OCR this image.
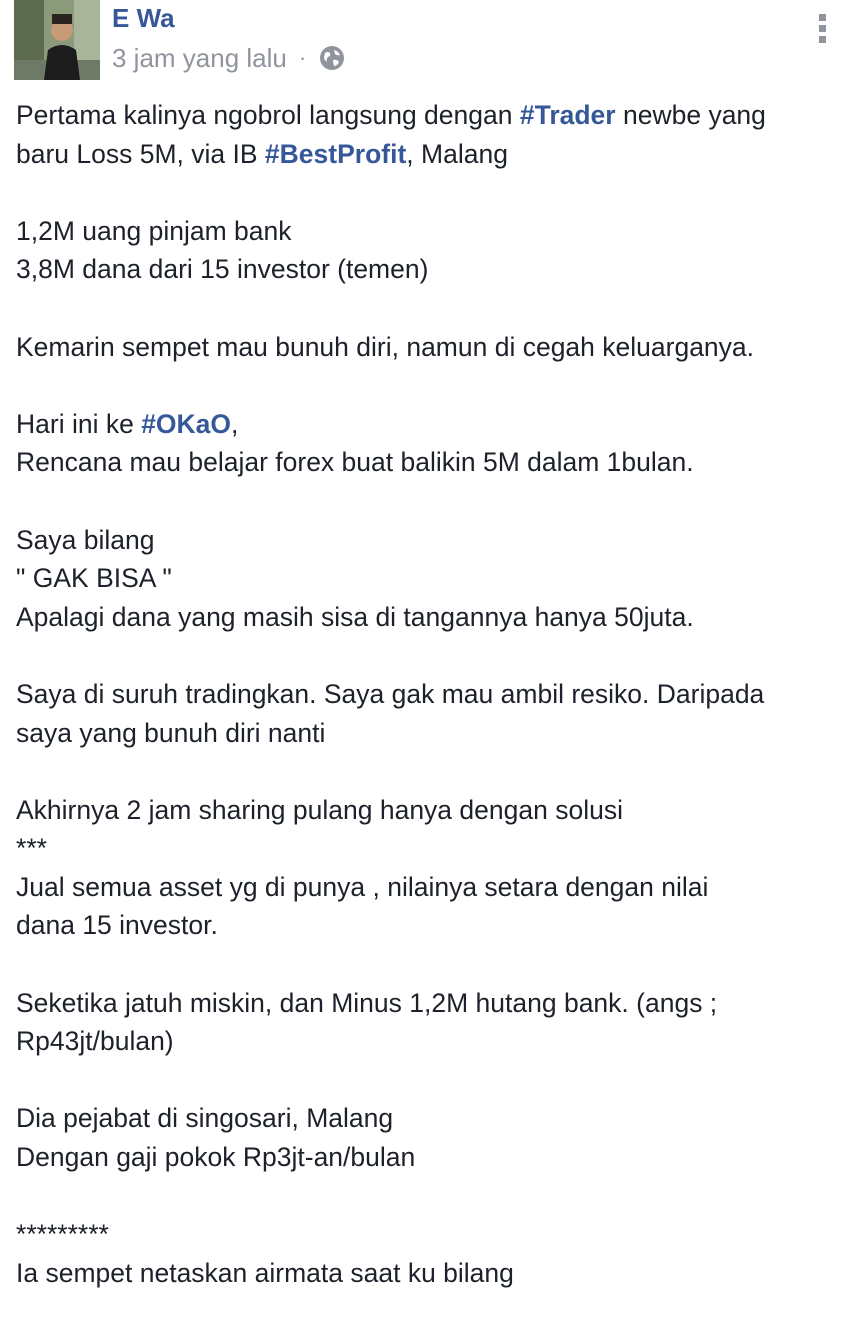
E Wa
3 jam yang lalu ·
Pertama kalinya ngobrol langsung dengan #Trader newbe yang
baru Loss 5M, via IB #BestProfit, Malang
1,2M uang pinjam bank
3,8M dana dari 15 investor (temen)
Kemarin sempet mau bunuh diri, namun di cegah keluarganya.
Hari ini ke #OKaO,
Rencana mau belajar forex buat balikin 5M dalam 1bulan.
Saya bilang
" GAK BISA "
Apalagi dana yang masih sisa di tangannya hanya 50juta.
Saya di suruh tradingkan. Saya gak mau ambil resiko. Daripada
saya yang bunuh diri nanti
Akhirnya 2 jam sharing pulang hanya dengan solusi
***
Jual semua asset yg di punya , nilainya setara dengan nilai
dana 15 investor.
Seketika jatuh miskin, dan Minus 1,2M hutang bank. (angs ;
Rp43jt/bulan)
Dia pejabat di singosari, Malang
Dengan gaji pokok Rp3jt-an/bulan
*********
Ia sempet netaskan airmata saat ku bilang
